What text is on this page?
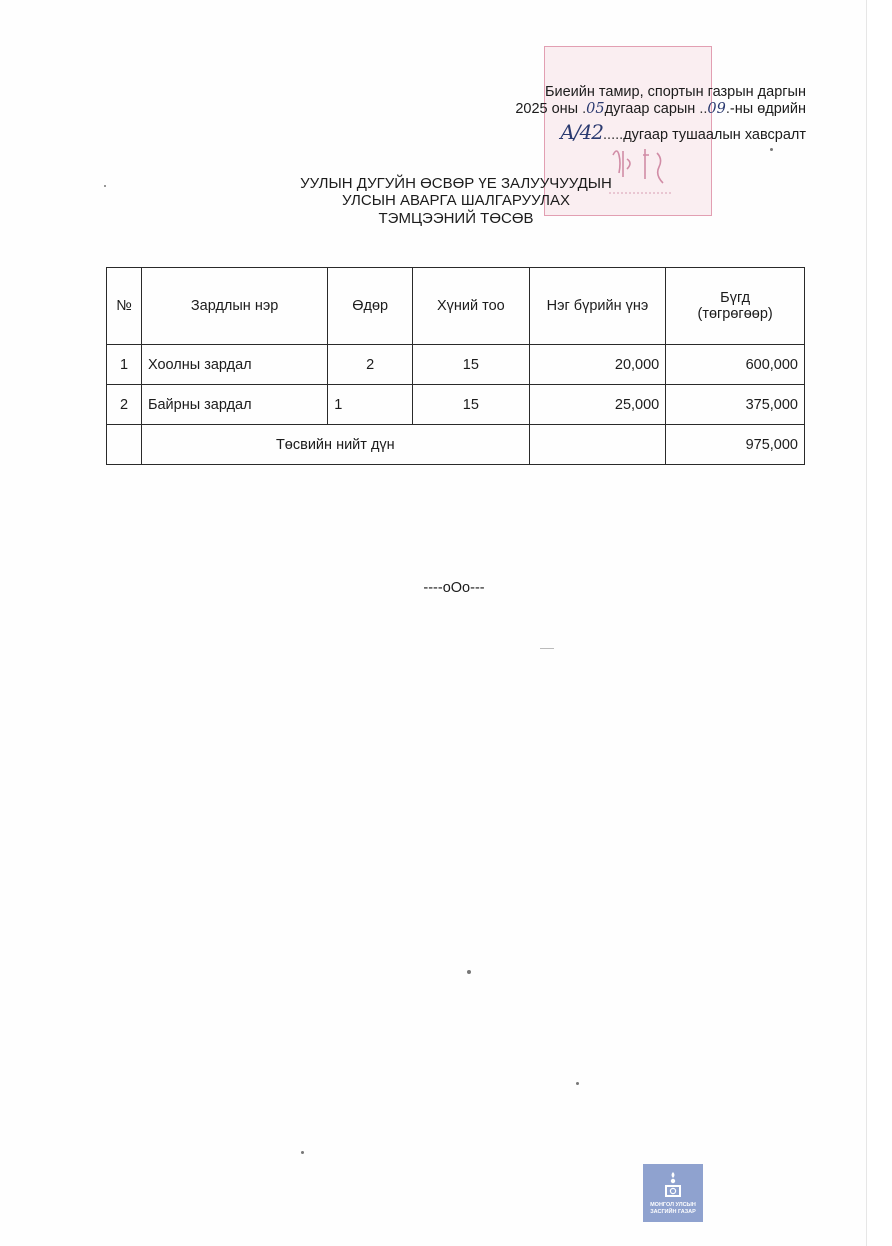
Биеийн тамир, спортын газрын даргын
2025 оны .05дугаар сарын ..09.-ны өдрийн
A/42.....дугаар тушаалын хавсралт
УУЛЫН ДУГУЙН ӨСВӨР ҮЕ ЗАЛУУЧУУДЫН
УЛСЫН АВАРГА ШАЛГАРУУЛАХ
ТЭМЦЭЭНИЙ ТӨСӨВ
№	Зардлын нэр	Өдөр	Хүний тоо	Нэг бүрийн үнэ	Бүгд
(төгрөгөөр)
1	Хоолны зардал	2	15	20,000	600,000
2	Байрны зардал	1	15	25,000	375,000
	Төсвийн нийт дүн				975,000
----oOo---
МОНГОЛ УЛСЫН
ЗАСГИЙН ГАЗАР
